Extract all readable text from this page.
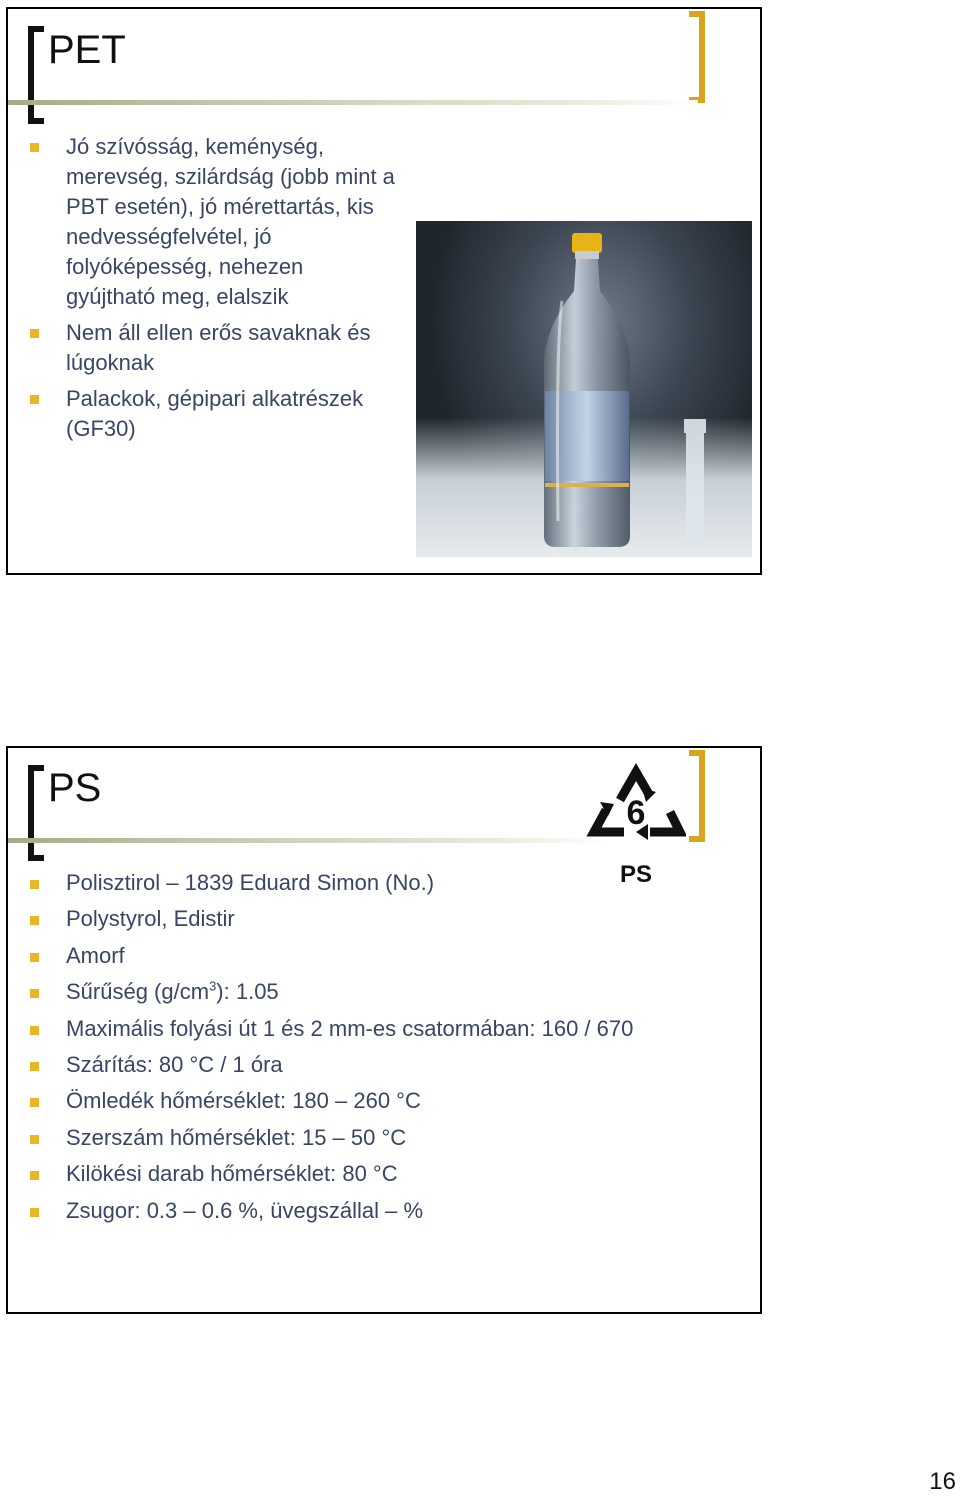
PET
Jó szívósság, keménység, merevség, szilárdság (jobb mint a PBT esetén), jó mérettartás, kis nedvességfelvétel, jó folyóképesség, nehezen gyújtható meg, elalszik
Nem áll ellen erős savaknak és lúgoknak
Palackok, gépipari alkatrészek (GF30)
PS
6
PS
Polisztirol – 1839 Eduard Simon (No.)
Polystyrol, Edistir
Amorf
Sűrűség $(g/cm^3)$: 1.05
Maximális folyási út 1 és 2 mm-es csatormában: 160 / 670
Szárítás: 80 °C / 1 óra
Ömledék hőmérséklet: 180 – 260 °C
Szerszám hőmérséklet: 15 – 50 °C
Kilökési darab hőmérséklet: 80 °C
Zsugor: 0.3 – 0.6 %, üvegszállal – %
16
